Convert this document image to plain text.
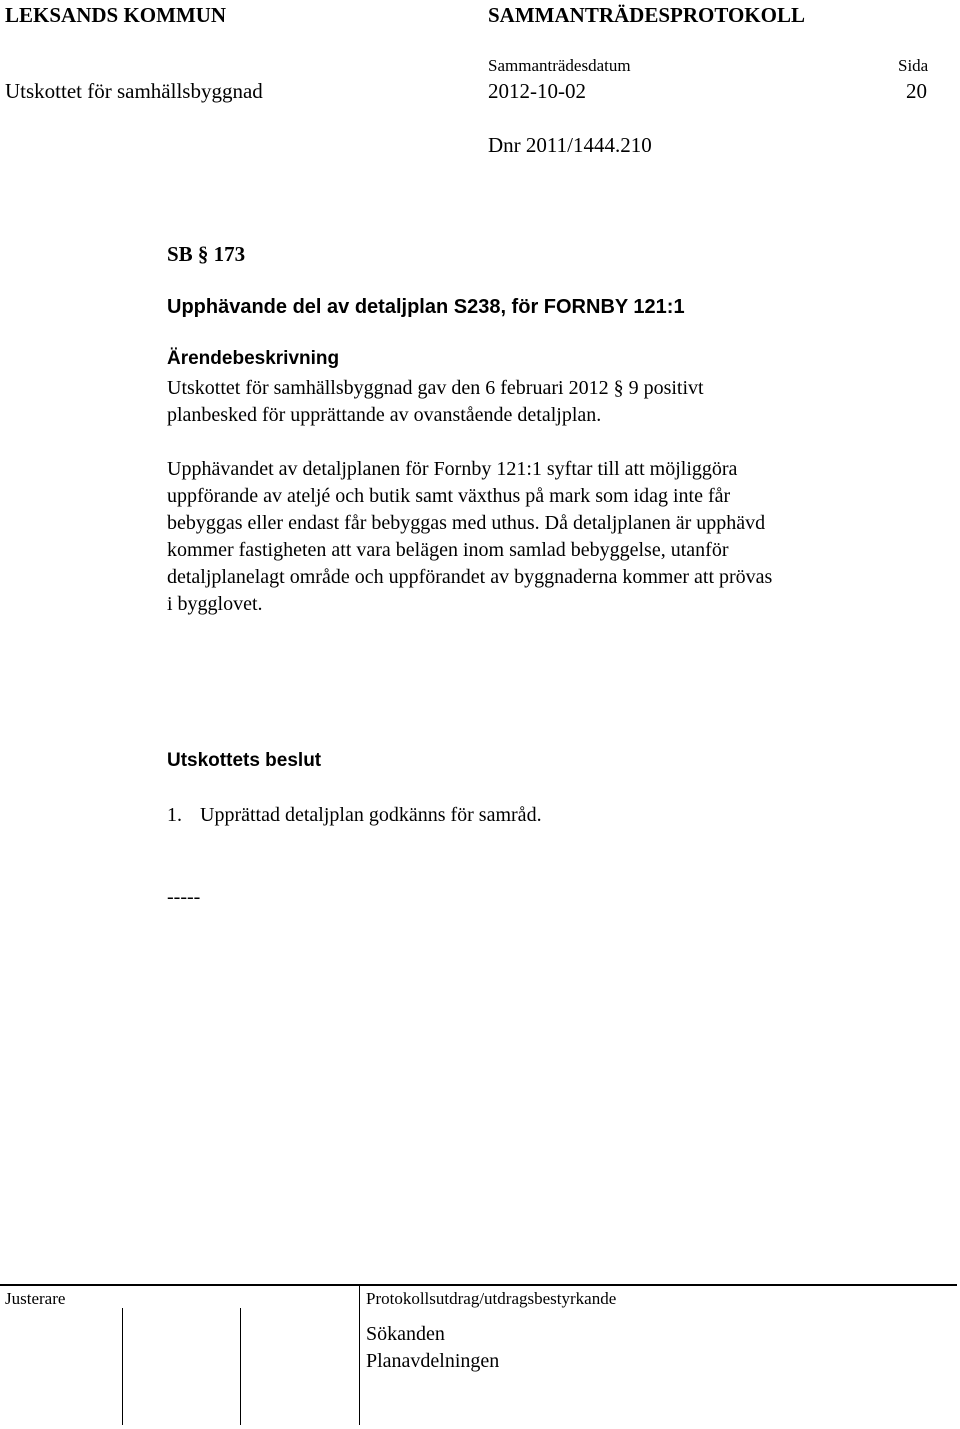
LEKSANDS KOMMUN	SAMMANTRÄDESPROTOKOLL
Sammanträdesdatum	Sida
Utskottet för samhällsbyggnad	2012-10-02	20
Dnr 2011/1444.210
SB § 173
Upphävande del av detaljplan S238, för FORNBY 121:1
Ärendebeskrivning
Utskottet för samhällsbyggnad gav den 6 februari 2012 § 9 positivt
planbesked för upprättande av ovanstående detaljplan.
Upphävandet av detaljplanen för Fornby 121:1 syftar till att möjliggöra
uppförande av ateljé och butik samt växthus på mark som idag inte får
bebyggas eller endast får bebyggas med uthus. Då detaljplanen är upphävd
kommer fastigheten att vara belägen inom samlad bebyggelse, utanför
detaljplanelagt område och uppförandet av byggnaderna kommer att prövas
i bygglovet.
Utskottets beslut
1. Upprättad detaljplan godkänns för samråd.
-----
Justerare	Protokollsutdrag/utdragsbestyrkande
Sökanden
Planavdelningen
